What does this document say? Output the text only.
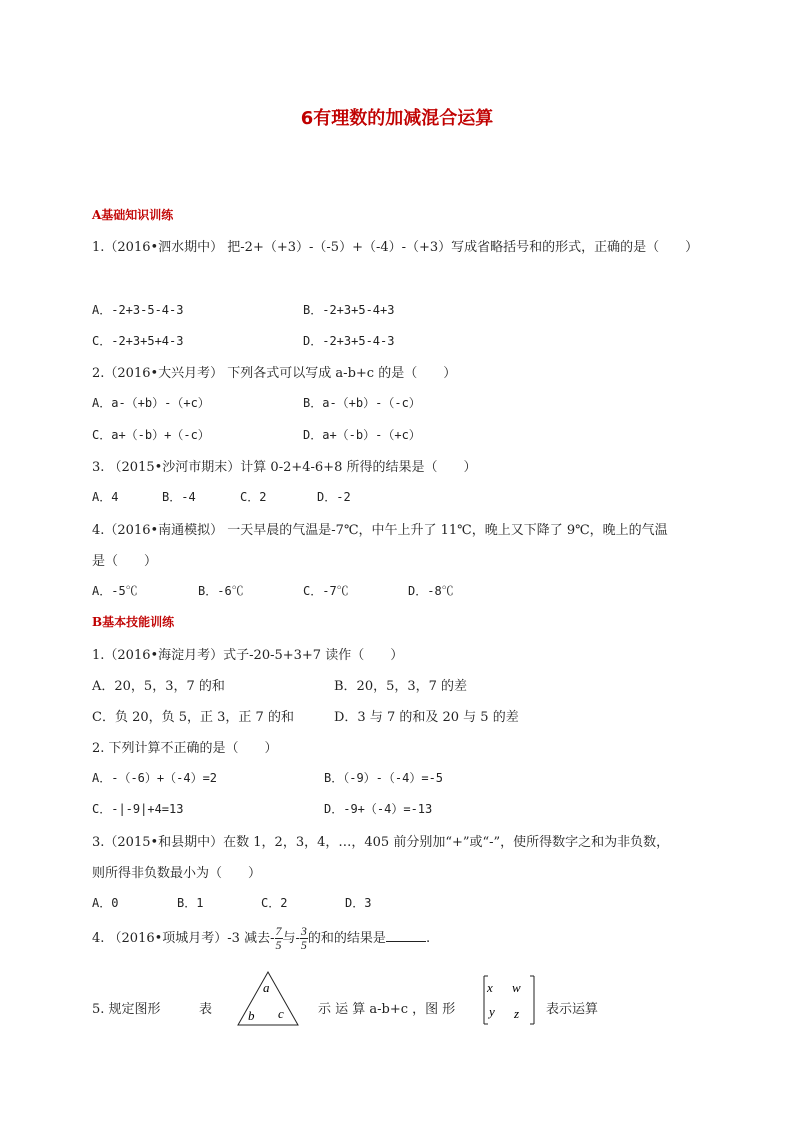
6有理数的加减混合运算
A基础知识训练
1.（2016•泗水期中） 把-2+（+3）-（-5）+（-4）-（+3）写成省略括号和的形式，正确的是（　　）
A．-2+3-5-4-3	B．-2+3+5-4+3
C．-2+3+5+4-3	D．-2+3+5-4-3
2.（2016•大兴月考） 下列各式可以写成 a-b+c 的是（　　）
A．a-（+b）-（+c）	B．a-（+b）-（-c）
C．a+（-b）+（-c）	D．a+（-b）-（+c）
3. （2015•沙河市期末）计算 0-2+4-6+8 所得的结果是（　　）
A．4	B．-4	C．2	D．-2
4.（2016•南通模拟） 一天早晨的气温是-7℃，中午上升了 11℃，晚上又下降了 9℃，晚上的气温
是（　　）
A．-5℃	B．-6℃	C．-7℃	D．-8℃
B基本技能训练
1.（2016•海淀月考）式子-20-5+3+7 读作（　　）
A．20，5，3，7 的和	B．20，5，3，7 的差
C．负 20，负 5，正 3，正 7 的和	D．3 与 7 的和及 20 与 5 的差
2. 下列计算不正确的是（　　）
A．-（-6）+（-4）=2	B．（-9）-（-4）=-5
C．-|-9|+4=13	D．-9+（-4）=-13
3.（2015•和县期中）在数 1，2，3，4，…，405 前分别加“+”或“-”，使所得数字之和为非负数，
则所得非负数最小为（　　）
A．0	B．1	C．2	D．3
4. （2016•项城月考）-3 减去- $\frac{7}{5}$ 与- $\frac{3}{5}$ 的和的结果是	.
5. 规定图形	表
a
b c	示 运 算 a-b+c ，图 形
x w
y z 表示运算
